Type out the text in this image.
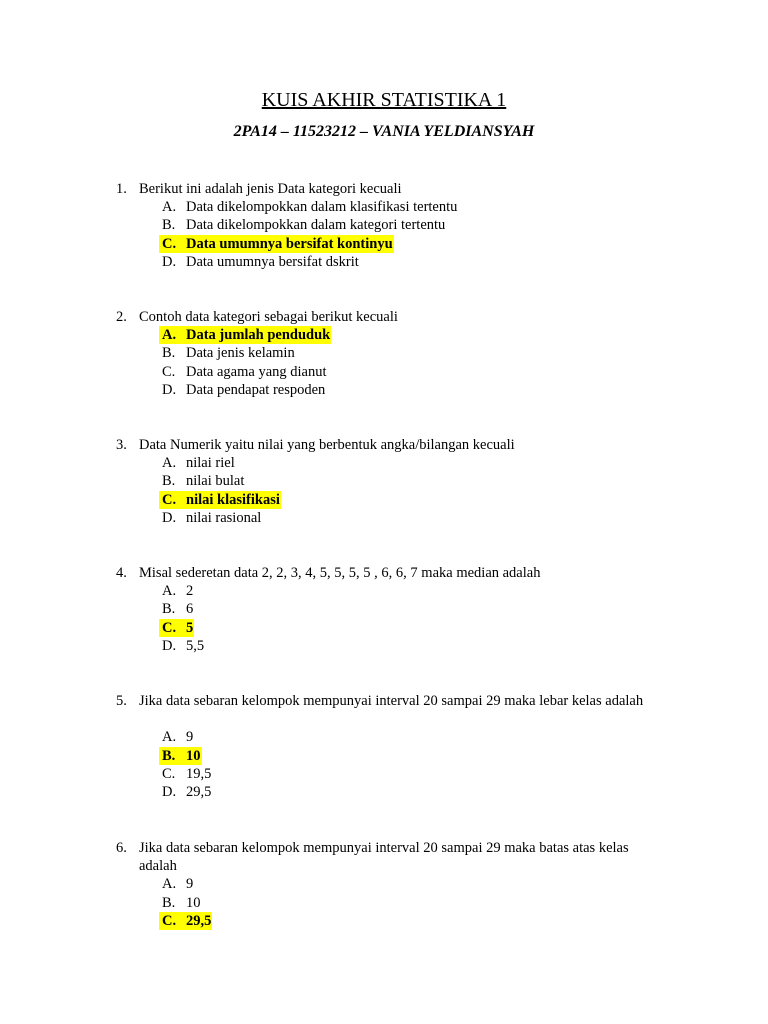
KUIS AKHIR STATISTIKA 1
2PA14 – 11523212 – VANIA YELDIANSYAH
1. Berikut ini adalah jenis Data kategori kecuali
A. Data dikelompokkan dalam klasifikasi tertentu
B. Data dikelompokkan dalam kategori tertentu
C. Data umumnya bersifat kontinyu
D. Data umumnya bersifat dskrit
2. Contoh data kategori sebagai berikut kecuali
A. Data jumlah penduduk
B. Data jenis kelamin
C. Data agama yang dianut
D. Data pendapat respoden
3. Data Numerik yaitu nilai yang berbentuk angka/bilangan kecuali
A. nilai riel
B. nilai bulat
C. nilai klasifikasi
D. nilai rasional
4. Misal sederetan data 2, 2, 3, 4, 5, 5, 5, 5 , 6, 6, 7 maka median adalah
A. 2
B. 6
C. 5
D. 5,5
5. Jika data sebaran kelompok mempunyai interval 20 sampai 29 maka lebar kelas adalah
A. 9
B. 10
C. 19,5
D. 29,5
6. Jika data sebaran kelompok mempunyai interval 20 sampai 29 maka batas atas kelas adalah
A. 9
B. 10
C. 29,5
